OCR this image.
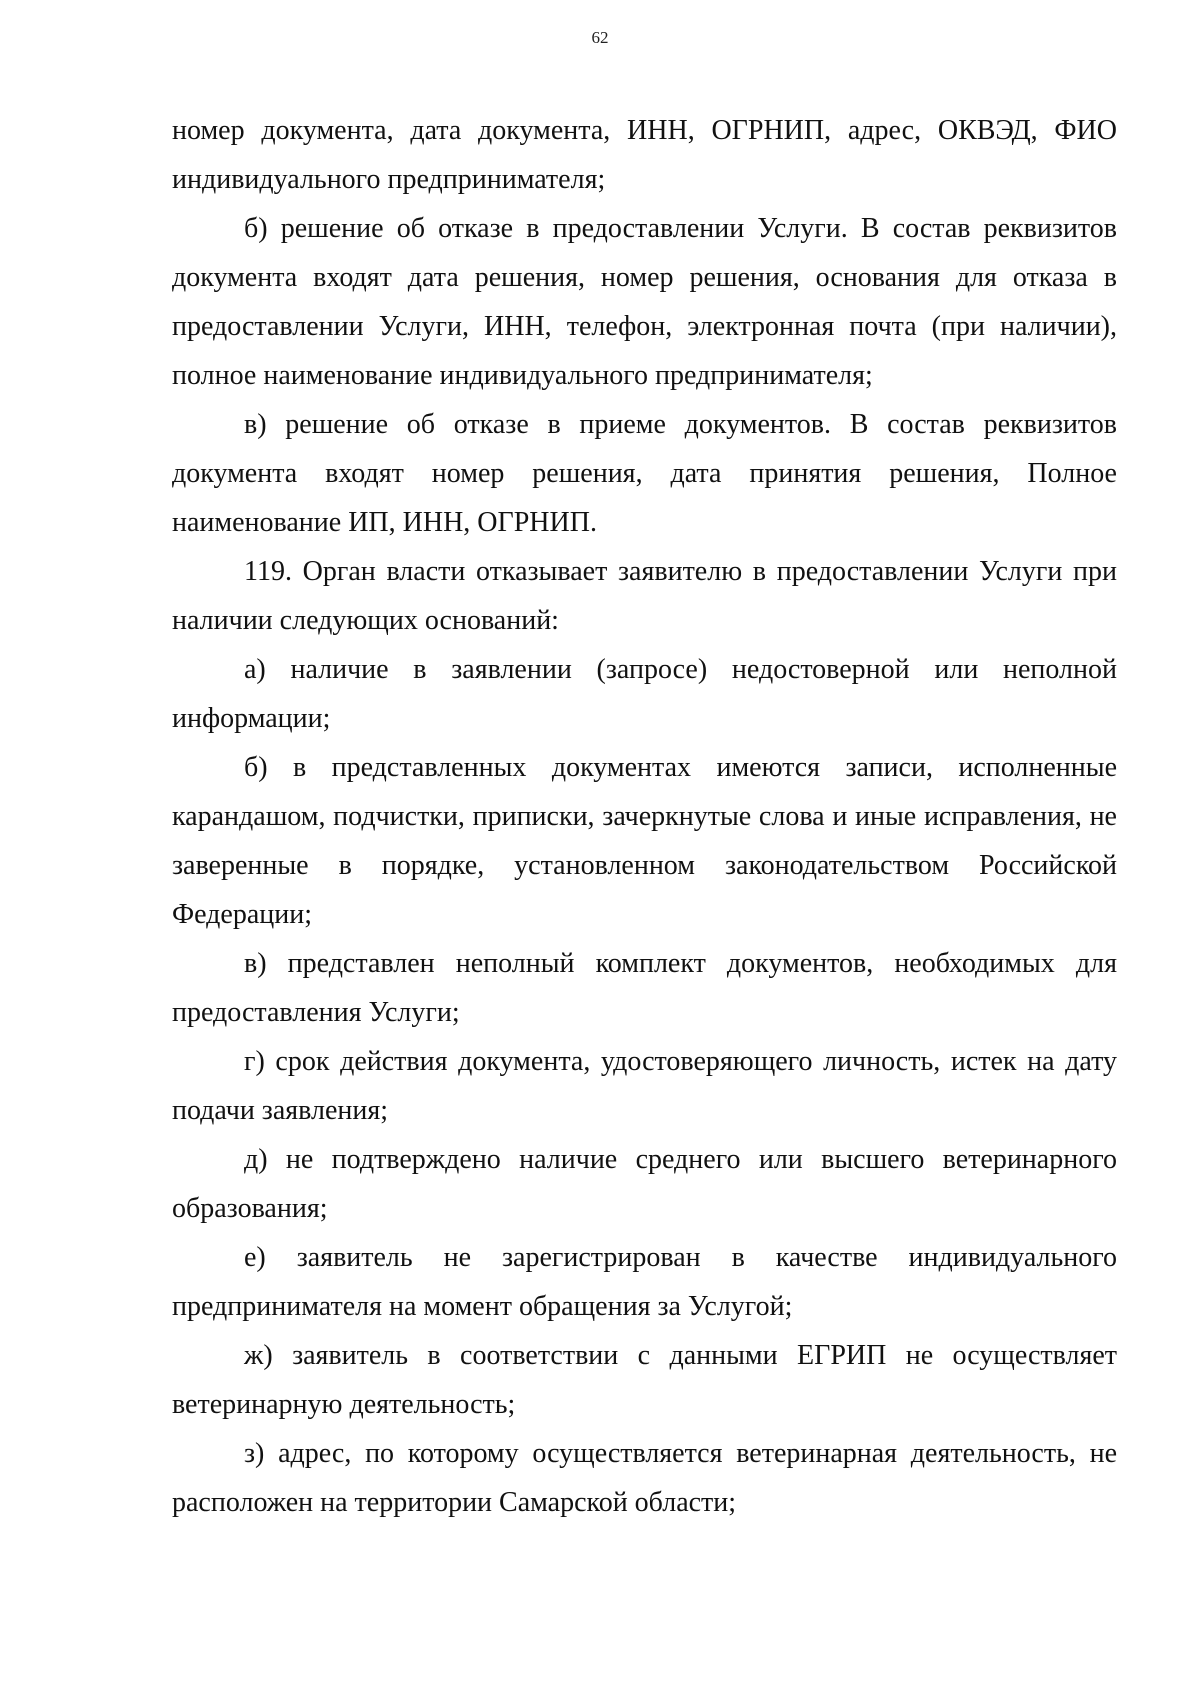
62

номер документа, дата документа, ИНН, ОГРНИП, адрес, ОКВЭД, ФИО индивидуального предпринимателя;

б) решение об отказе в предоставлении Услуги. В состав реквизитов документа входят дата решения, номер решения, основания для отказа в предоставлении Услуги, ИНН, телефон, электронная почта (при наличии), полное наименование индивидуального предпринимателя;

в) решение об отказе в приеме документов. В состав реквизитов документа входят номер решения, дата принятия решения, Полное наименование ИП, ИНН, ОГРНИП.

119. Орган власти отказывает заявителю в предоставлении Услуги при наличии следующих оснований:

а) наличие в заявлении (запросе) недостоверной или неполной информации;

б) в представленных документах имеются записи, исполненные карандашом, подчистки, приписки, зачеркнутые слова и иные исправления, не заверенные в порядке, установленном законодательством Российской Федерации;

в) представлен неполный комплект документов, необходимых для предоставления Услуги;

г) срок действия документа, удостоверяющего личность, истек на дату подачи заявления;

д) не подтверждено наличие среднего или высшего ветеринарного образования;

е) заявитель не зарегистрирован в качестве индивидуального предпринимателя на момент обращения за Услугой;

ж) заявитель в соответствии с данными ЕГРИП не осуществляет ветеринарную деятельность;

з) адрес, по которому осуществляется ветеринарная деятельность, не расположен на территории Самарской области;
